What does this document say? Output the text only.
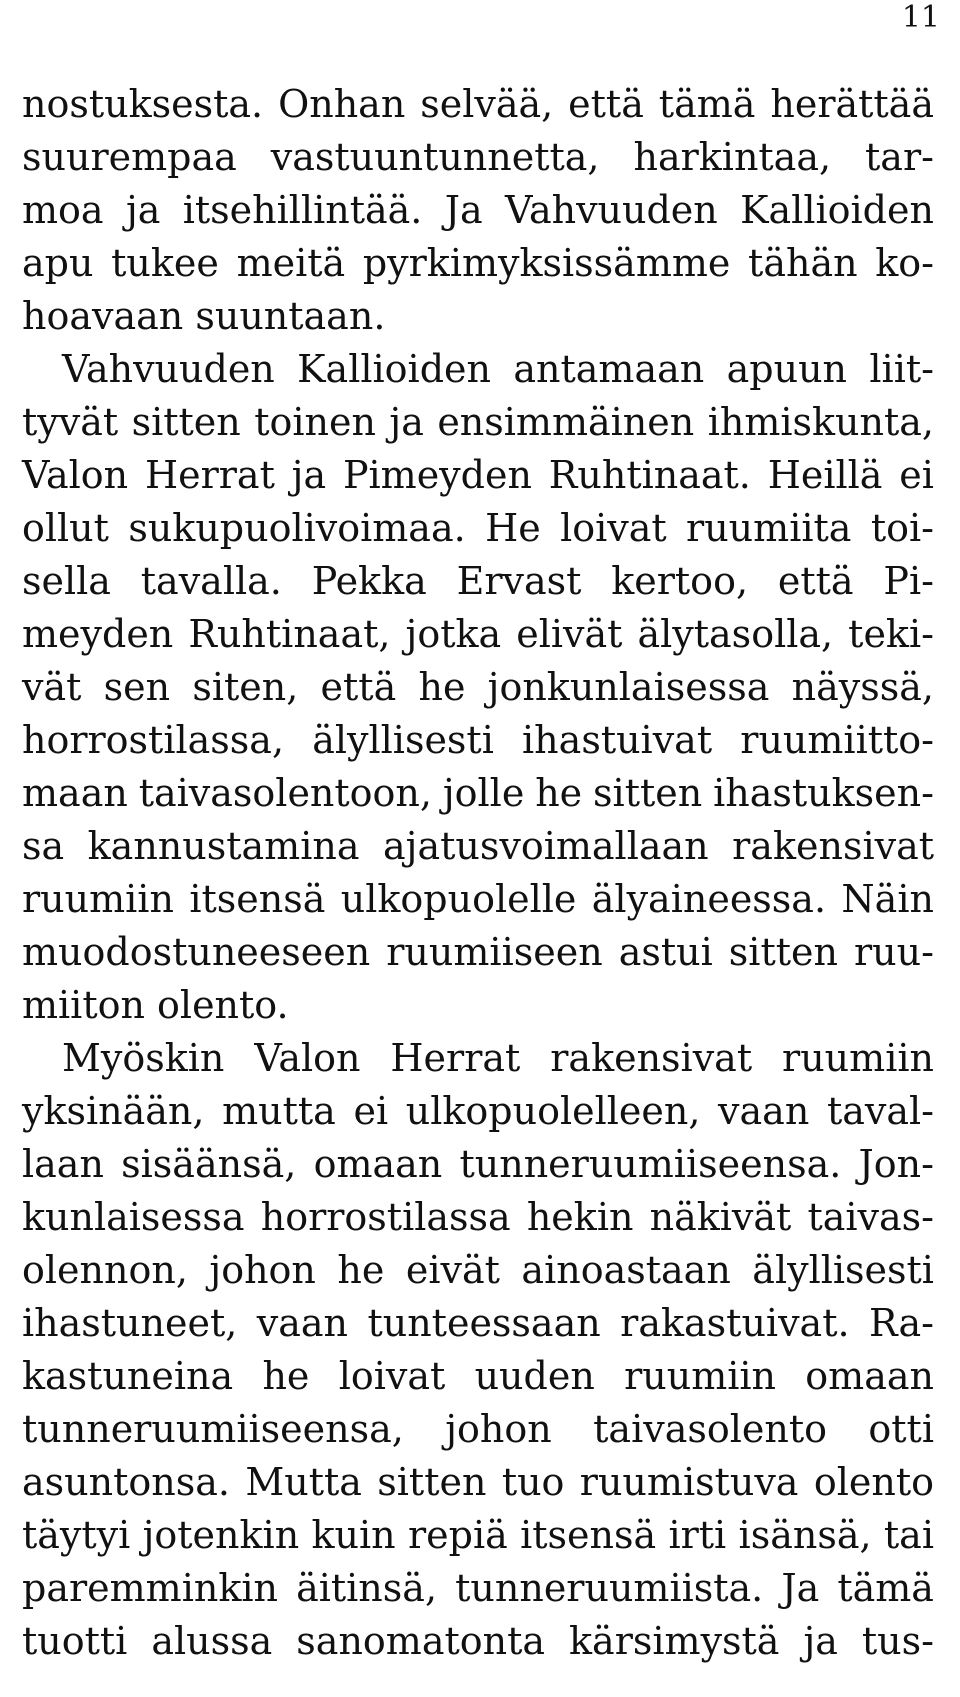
11
nostuksesta. Onhan selvää, että tämä herättää
suurempaa vastuuntunnetta, harkintaa, tar-
moa ja itsehillintää. Ja Vahvuuden Kallioiden
apu tukee meitä pyrkimyksissämme tähän ko-
hoavaan suuntaan.
Vahvuuden Kallioiden antamaan apuun liit-
tyvät sitten toinen ja ensimmäinen ihmiskunta,
Valon Herrat ja Pimeyden Ruhtinaat. Heillä ei
ollut sukupuolivoimaa. He loivat ruumiita toi-
sella tavalla. Pekka Ervast kertoo, että Pi-
meyden Ruhtinaat, jotka elivät älytasolla, teki-
vät sen siten, että he jonkunlaisessa näyssä,
horrostilassa, älyllisesti ihastuivat ruumiitto-
maan taivasolentoon, jolle he sitten ihastuksen-
sa kannustamina ajatusvoimallaan rakensivat
ruumiin itsensä ulkopuolelle älyaineessa. Näin
muodostuneeseen ruumiiseen astui sitten ruu-
miiton olento.
Myöskin Valon Herrat rakensivat ruumiin
yksinään, mutta ei ulkopuolelleen, vaan taval-
laan sisäänsä, omaan tunneruumiiseensa. Jon-
kunlaisessa horrostilassa hekin näkivät taivas-
olennon, johon he eivät ainoastaan älyllisesti
ihastuneet, vaan tunteessaan rakastuivat. Ra-
kastuneina he loivat uuden ruumiin omaan
tunneruumiiseensa, johon taivasolento otti
asuntonsa. Mutta sitten tuo ruumistuva olento
täytyi jotenkin kuin repiä itsensä irti isänsä, tai
paremminkin äitinsä, tunneruumiista. Ja tämä
tuotti alussa sanomatonta kärsimystä ja tus-
